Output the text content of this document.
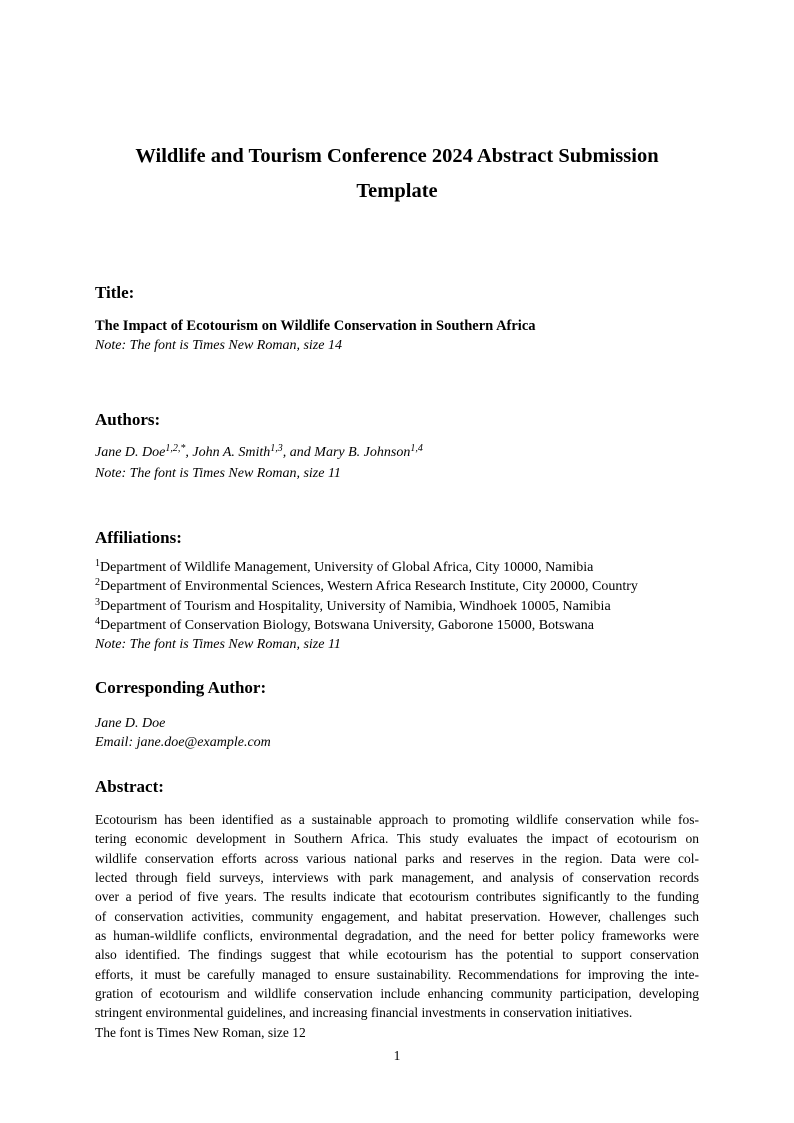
Wildlife and Tourism Conference 2024 Abstract Submission Template
Title:
The Impact of Ecotourism on Wildlife Conservation in Southern Africa
Note: The font is Times New Roman, size 14
Authors:
Jane D. Doe$^{1,2,*}$, John A. Smith$^{1,3}$, and Mary B. Johnson$^{1,4}$
Note: The font is Times New Roman, size 11
Affiliations:
$^1$Department of Wildlife Management, University of Global Africa, City 10000, Namibia
$^2$Department of Environmental Sciences, Western Africa Research Institute, City 20000, Country
$^3$Department of Tourism and Hospitality, University of Namibia, Windhoek 10005, Namibia
$^4$Department of Conservation Biology, Botswana University, Gaborone 15000, Botswana
Note: The font is Times New Roman, size 11
Corresponding Author:
Jane D. Doe
Email: jane.doe@example.com
Abstract:
Ecotourism has been identified as a sustainable approach to promoting wildlife conservation while fos-
tering economic development in Southern Africa. This study evaluates the impact of ecotourism on
wildlife conservation efforts across various national parks and reserves in the region. Data were col-
lected through field surveys, interviews with park management, and analysis of conservation records
over a period of five years. The results indicate that ecotourism contributes significantly to the funding
of conservation activities, community engagement, and habitat preservation. However, challenges such
as human-wildlife conflicts, environmental degradation, and the need for better policy frameworks were
also identified. The findings suggest that while ecotourism has the potential to support conservation
efforts, it must be carefully managed to ensure sustainability. Recommendations for improving the inte-
gration of ecotourism and wildlife conservation include enhancing community participation, developing
stringent environmental guidelines, and increasing financial investments in conservation initiatives.
The font is Times New Roman, size 12
1
